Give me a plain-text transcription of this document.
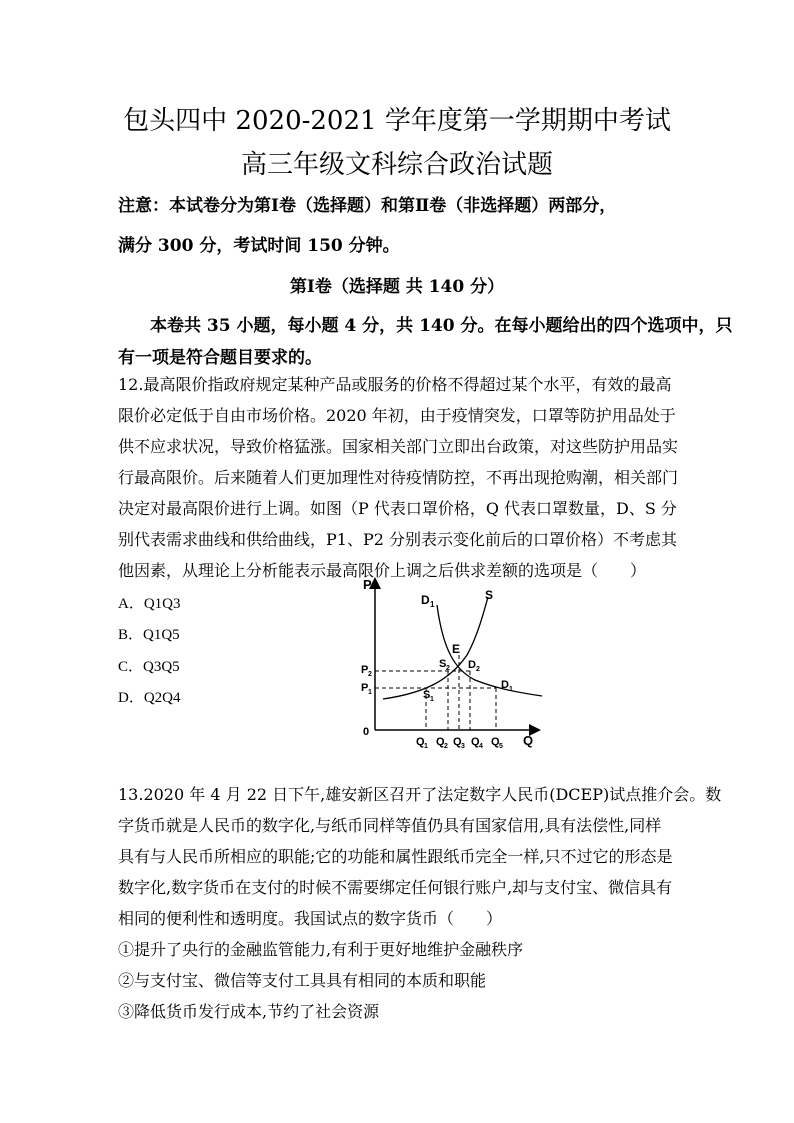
包头四中 2020-2021 学年度第一学期期中考试
高三年级文科综合政治试题
注意：本试卷分为第Ⅰ卷（选择题）和第Ⅱ卷（非选择题）两部分，
满分 300 分，考试时间 150 分钟。
第Ⅰ卷（选择题 共 140 分）
本卷共 35 小题，每小题 4 分，共 140 分。在每小题给出的四个选项中，只
有一项是符合题目要求的。
12.最高限价指政府规定某种产品或服务的价格不得超过某个水平，有效的最高
限价必定低于自由市场价格。2020 年初，由于疫情突发，口罩等防护用品处于
供不应求状况，导致价格猛涨。国家相关部门立即出台政策，对这些防护用品实
行最高限价。后来随着人们更加理性对待疫情防控，不再出现抢购潮，相关部门
决定对最高限价进行上调。如图（P 代表口罩价格，Q 代表口罩数量，D、S 分
别代表需求曲线和供给曲线，P1、P2 分别表示变化前后的口罩价格）不考虑其
他因素，从理论上分析能表示最高限价上调之后供求差额的选项是（　　）
A．Q1Q3
B．Q1Q5
C．Q3Q5
D．Q2Q4
P
Q
0
D 1
S
E
P 2
P 1
S 2 D 2
S 1
D 1
Q 1 Q 2 Q 3 Q 4 Q 5
13.2020 年 4 月 22 日下午,雄安新区召开了法定数字人民币(DCEP)试点推介会。数
字货币就是人民币的数字化,与纸币同样等值仍具有国家信用,具有法偿性,同样
具有与人民币所相应的职能;它的功能和属性跟纸币完全一样,只不过它的形态是
数字化,数字货币在支付的时候不需要绑定任何银行账户,却与支付宝、微信具有
相同的便利性和透明度。我国试点的数字货币（　　）
①提升了央行的金融监管能力,有利于更好地维护金融秩序
②与支付宝、微信等支付工具具有相同的本质和职能
③降低货币发行成本,节约了社会资源
